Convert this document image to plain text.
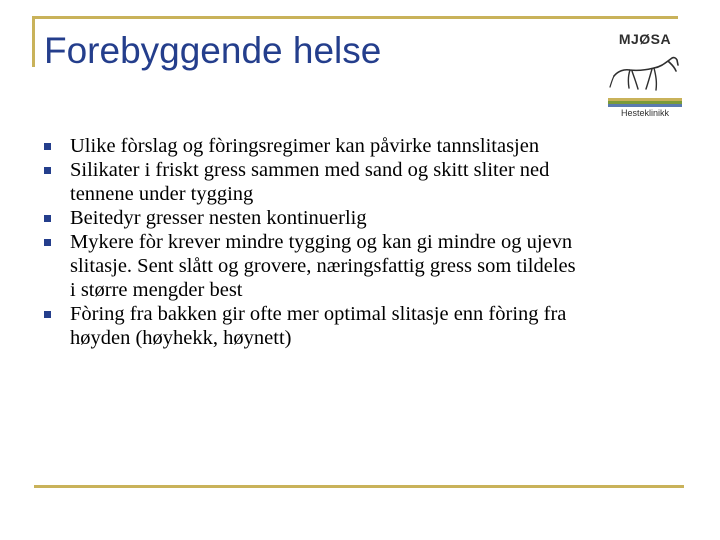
Forebyggende helse	MJØSA
Hesteklinikk
Ulike fòrslag og fòringsregimer kan påvirke tannslitasjen
Silikater i friskt gress sammen med sand og skitt sliter ned tennene under tygging
Beitedyr gresser nesten kontinuerlig
Mykere fòr krever mindre tygging og kan gi mindre og ujevn slitasje. Sent slått og grovere, næringsfattig gress som tildeles i større mengder best
Fòring fra bakken gir ofte mer optimal slitasje enn fòring fra høyden (høyhekk, høynett)
